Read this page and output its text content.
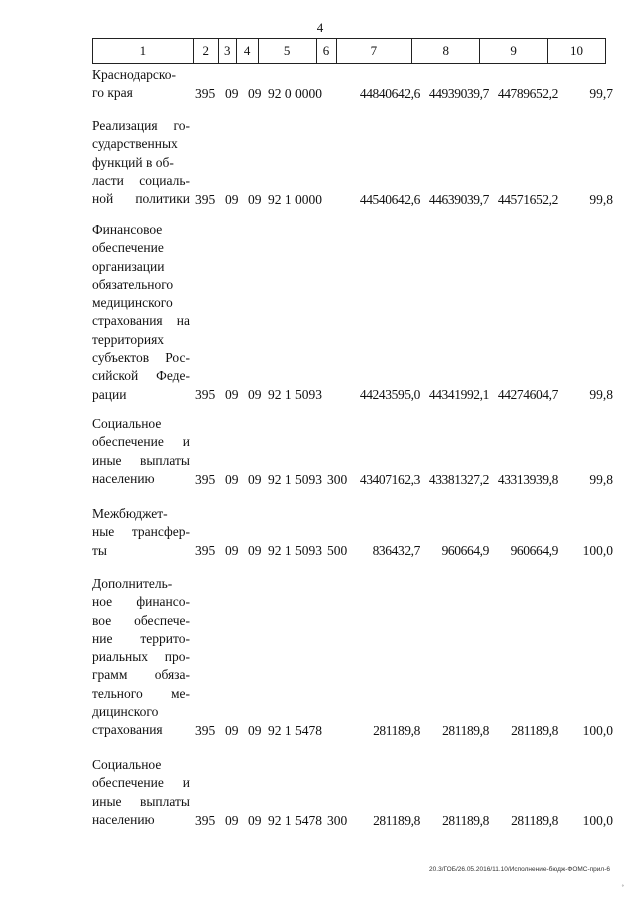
4
1	2	3	4	5	6	7	8	9	10
Краснодарско-
го края	395 09 09 92 0 0000	44840642,6 44939039,7 44789652,2 99,7
Реализация го-
сударственных
функций в об-
ласти социаль-
ной политики 395 09 09 92 1 0000	44540642,6 44639039,7 44571652,2 99,8
Финансовое
обеспечение
организации
обязательного
медицинского
страхования на
территориях
субъектов Рос-
сийской Феде-
рации	395 09 09 92 1 5093	44243595,0 44341992,1 44274604,7 99,8
Социальное
обеспечение и
иные выплаты
населению	395 09 09 92 1 5093 300 43407162,3 43381327,2 43313939,8 99,8
Межбюджет-
ные трансфер-
ты	395 09 09 92 1 5093 500 836432,7 960664,9 960664,9 100,0
Дополнитель-
ное финансо-
вое обеспече-
ние террито-
риальных про-
грамм обяза-
тельного ме-
дицинского
страхования	395 09 09 92 1 5478	281189,8 281189,8 281189,8 100,0
Социальное
обеспечение и
иные выплаты
населению	395 09 09 92 1 5478 300 281189,8 281189,8 281189,8 100,0
20.3/ГОБ/26.05.2016/11.10/Исполнение-бюдж-ФОМС-прил-6
˚
